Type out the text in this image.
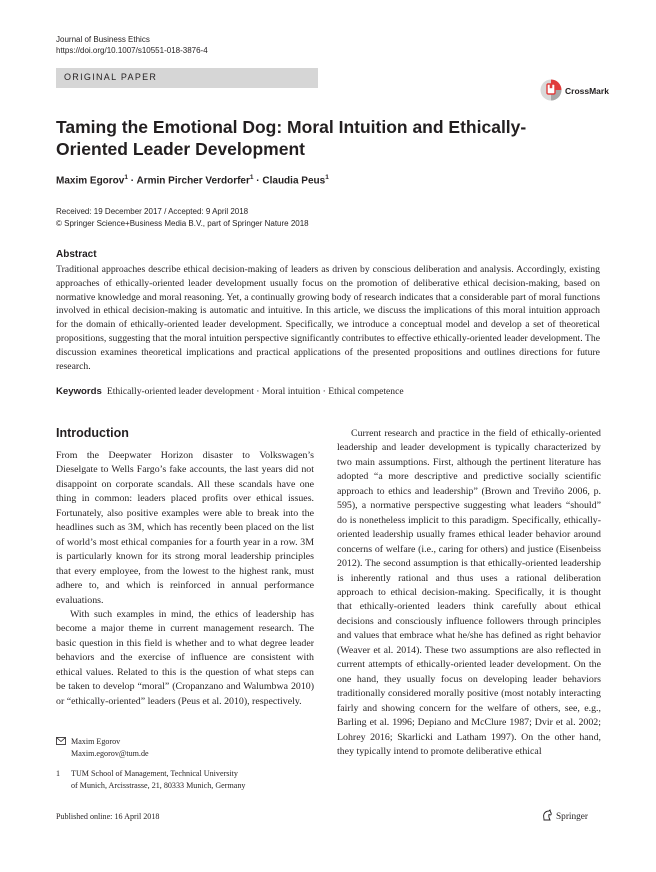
Journal of Business Ethics
https://doi.org/10.1007/s10551-018-3876-4
ORIGINAL PAPER
CrossMark
Taming the Emotional Dog: Moral Intuition and Ethically-Oriented Leader Development
Maxim Egorov$^1$ · Armin Pircher Verdorfer$^1$ · Claudia Peus$^1$
Received: 19 December 2017 / Accepted: 9 April 2018
© Springer Science+Business Media B.V., part of Springer Nature 2018
Abstract
Traditional approaches describe ethical decision-making of leaders as driven by conscious deliberation and analysis. Accordingly, existing approaches of ethically-oriented leader development usually focus on the promotion of deliberative ethical decision-making, based on normative knowledge and moral reasoning. Yet, a continually growing body of research indicates that a considerable part of moral functions involved in ethical decision-making is automatic and intuitive. In this article, we discuss the implications of this moral intuition approach for the domain of ethically-oriented leader development. Specifically, we introduce a conceptual model and develop a set of theoretical propositions, suggesting that the moral intuition perspective significantly contributes to effective ethically-oriented leader development. The discussion examines theoretical implications and practical applications of the presented propositions and outlines directions for future research.
Keywords Ethically-oriented leader development · Moral intuition · Ethical competence
Introduction

From the Deepwater Horizon disaster to Volkswagen’s Dieselgate to Wells Fargo’s fake accounts, the last years did not disappoint on corporate scandals. All these scandals have one thing in common: leaders placed profits over ethical issues. Fortunately, also positive examples were able to break into the headlines such as 3M, which has recently been placed on the list of world’s most ethical companies for a fourth year in a row. 3M is particularly known for its strong moral leadership principles that every employee, from the lowest to the highest rank, must adhere to, and which is reinforced in annual performance evaluations.

With such examples in mind, the ethics of leadership has become a major theme in current management research. The basic question in this field is whether and to what degree leader behaviors and the exercise of influence are consistent with ethical values. Related to this is the question of what steps can be taken to develop “moral” (Cropanzano and Walumbwa 2010) or “ethically-oriented” leaders (Peus et al. 2010), respectively.

Current research and practice in the field of ethically-oriented leadership and leader development is typically characterized by two main assumptions. First, although the pertinent literature has adopted “a more descriptive and predictive socially scientific approach to ethics and leadership” (Brown and Treviño 2006, p. 595), a normative perspective suggesting what leaders “should” do is nonetheless implicit to this paradigm. Specifically, ethically-oriented leadership usually frames ethical leader behavior around concerns of welfare (i.e., caring for others) and justice (Eisenbeiss 2012). The second assumption is that ethically-oriented leadership is inherently rational and thus uses a rational deliberation approach to ethical decision-making. Specifically, it is thought that ethically-oriented leaders think carefully about ethical decisions and consciously influence followers through principles and values that embrace what he/she has defined as right behavior (Weaver et al. 2014). These two assumptions are also reflected in current attempts of ethically-oriented leader development. On the one hand, they usually focus on developing leader behaviors traditionally considered morally positive (most notably interacting fairly and showing concern for the welfare of others, see, e.g., Barling et al. 1996; Depiano and McClure 1987; Dvir et al. 2002; Lohrey 2016; Skarlicki and Latham 1997). On the other hand, they typically intend to promote deliberative ethical

Maxim Egorov
Maxim.egorov@tum.de
1 TUM School of Management, Technical University
of Munich, Arcisstrasse, 21, 80333 Munich, Germany
Published online: 16 April 2018	Springer
